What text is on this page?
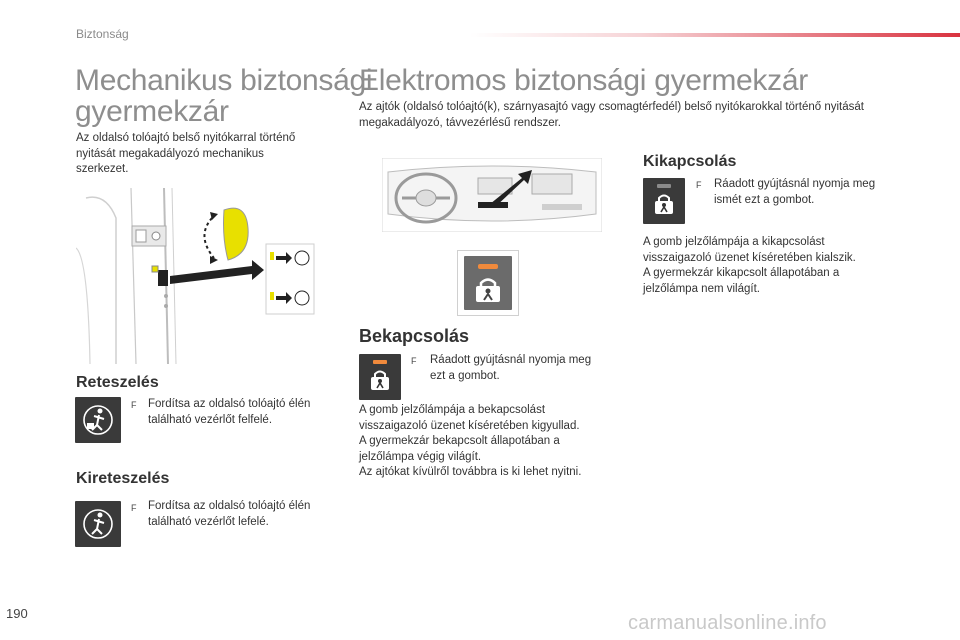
Biztonság
Mechanikus biztonsági
gyermekzár
Az oldalsó tolóajtó belső nyitókarral történő
nyitását megakadályozó mechanikus
szerkezet.
Reteszelés
F Fordítsa az oldalsó tolóajtó élén
található vezérlőt felfelé.
Kireteszelés
F Fordítsa az oldalsó tolóajtó élén
található vezérlőt lefelé.
Elektromos biztonsági gyermekzár
Az ajtók (oldalsó tolóajtó(k), szárnyasajtó vagy csomagtérfedél) belső nyitókarokkal történő nyitását
megakadályozó, távvezérlésű rendszer.
Bekapcsolás
F Ráadott gyújtásnál nyomja meg
ezt a gombot.
A gomb jelzőlámpája a bekapcsolást
visszaigazoló üzenet kíséretében kigyullad.
A gyermekzár bekapcsolt állapotában a
jelzőlámpa végig világít.
Az ajtókat kívülről továbbra is ki lehet nyitni.
Kikapcsolás
F Ráadott gyújtásnál nyomja meg
ismét ezt a gombot.
A gomb jelzőlámpája a kikapcsolást
visszaigazoló üzenet kíséretében kialszik.
A gyermekzár kikapcsolt állapotában a
jelzőlámpa nem világít.
190	carmanualsonline.info
